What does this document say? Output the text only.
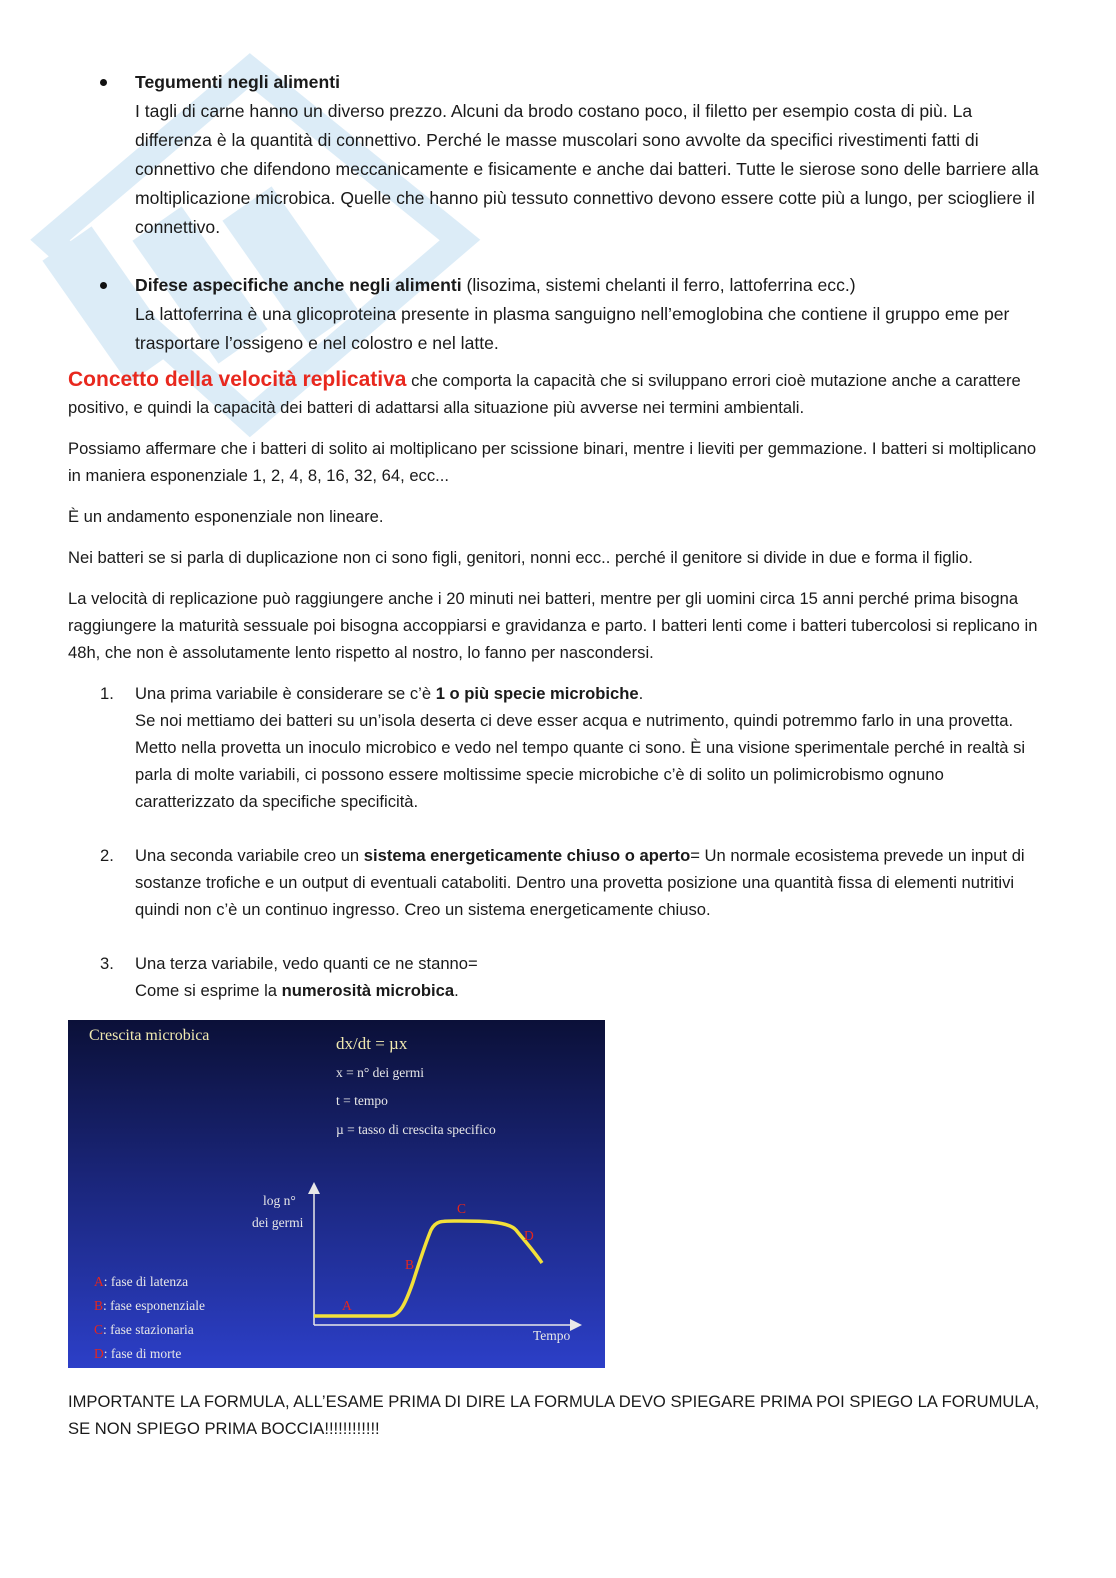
Tegumenti negli alimenti
I tagli di carne hanno un diverso prezzo. Alcuni da brodo costano poco, il filetto per esempio costa di più. La differenza è la quantità di connettivo. Perché le masse muscolari sono avvolte da specifici rivestimenti fatti di connettivo che difendono meccanicamente e fisicamente e anche dai batteri. Tutte le sierose sono delle barriere alla moltiplicazione microbica. Quelle che hanno più tessuto connettivo devono essere cotte più a lungo, per sciogliere il connettivo.
Difese aspecifiche anche negli alimenti (lisozima, sistemi chelanti il ferro, lattoferrina ecc.)
La lattoferrina è una glicoproteina presente in plasma sanguigno nell’emoglobina che contiene il gruppo eme per trasportare l’ossigeno e nel colostro e nel latte.

Concetto della velocità replicativa che comporta la capacità che si sviluppano errori cioè mutazione anche a carattere positivo, e quindi la capacità dei batteri di adattarsi alla situazione più avverse nei termini ambientali.

Possiamo affermare che i batteri di solito ai moltiplicano per scissione binari, mentre i lieviti per gemmazione. I batteri si moltiplicano in maniera esponenziale 1, 2, 4, 8, 16, 32, 64, ecc...

È un andamento esponenziale non lineare.

Nei batteri se si parla di duplicazione non ci sono figli, genitori, nonni ecc.. perché il genitore si divide in due e forma il figlio.

La velocità di replicazione può raggiungere anche i 20 minuti nei batteri, mentre per gli uomini circa 15 anni perché prima bisogna raggiungere la maturità sessuale poi bisogna accoppiarsi e gravidanza e parto. I batteri lenti come i batteri tubercolosi si replicano in 48h, che non è assolutamente lento rispetto al nostro, lo fanno per nascondersi.

1. Una prima variabile è considerare se c’è 1 o più specie microbiche.
Se noi mettiamo dei batteri su un’isola deserta ci deve esser acqua e nutrimento, quindi potremmo farlo in una provetta. Metto nella provetta un inoculo microbico e vedo nel tempo quante ci sono. È una visione sperimentale perché in realtà si parla di molte variabili, ci possono essere moltissime specie microbiche c’è di solito un polimicrobismo ognuno caratterizzato da specifiche specificità.
2. Una seconda variabile creo un sistema energeticamente chiuso o aperto= Un normale ecosistema prevede un input di sostanze trofiche e un output di eventuali cataboliti. Dentro una provetta posizione una quantità fissa di elementi nutritivi quindi non c’è un continuo ingresso. Creo un sistema energeticamente chiuso.
3. Una terza variabile, vedo quanti ce ne stanno=
Come si esprime la numerosità microbica.
Crescita microbica	dx/dt = µx
x = n° dei germi
t = tempo
µ = tasso di crescita specifico
log n°
dei germi
Tempo
A
B
C
D
A: fase di latenza
B: fase esponenziale
C: fase stazionaria
D: fase di morte

IMPORTANTE LA FORMULA, ALL’ESAME PRIMA DI DIRE LA FORMULA DEVO SPIEGARE PRIMA POI SPIEGO LA FORUMULA, SE NON SPIEGO PRIMA BOCCIA!!!!!!!!!!!!
